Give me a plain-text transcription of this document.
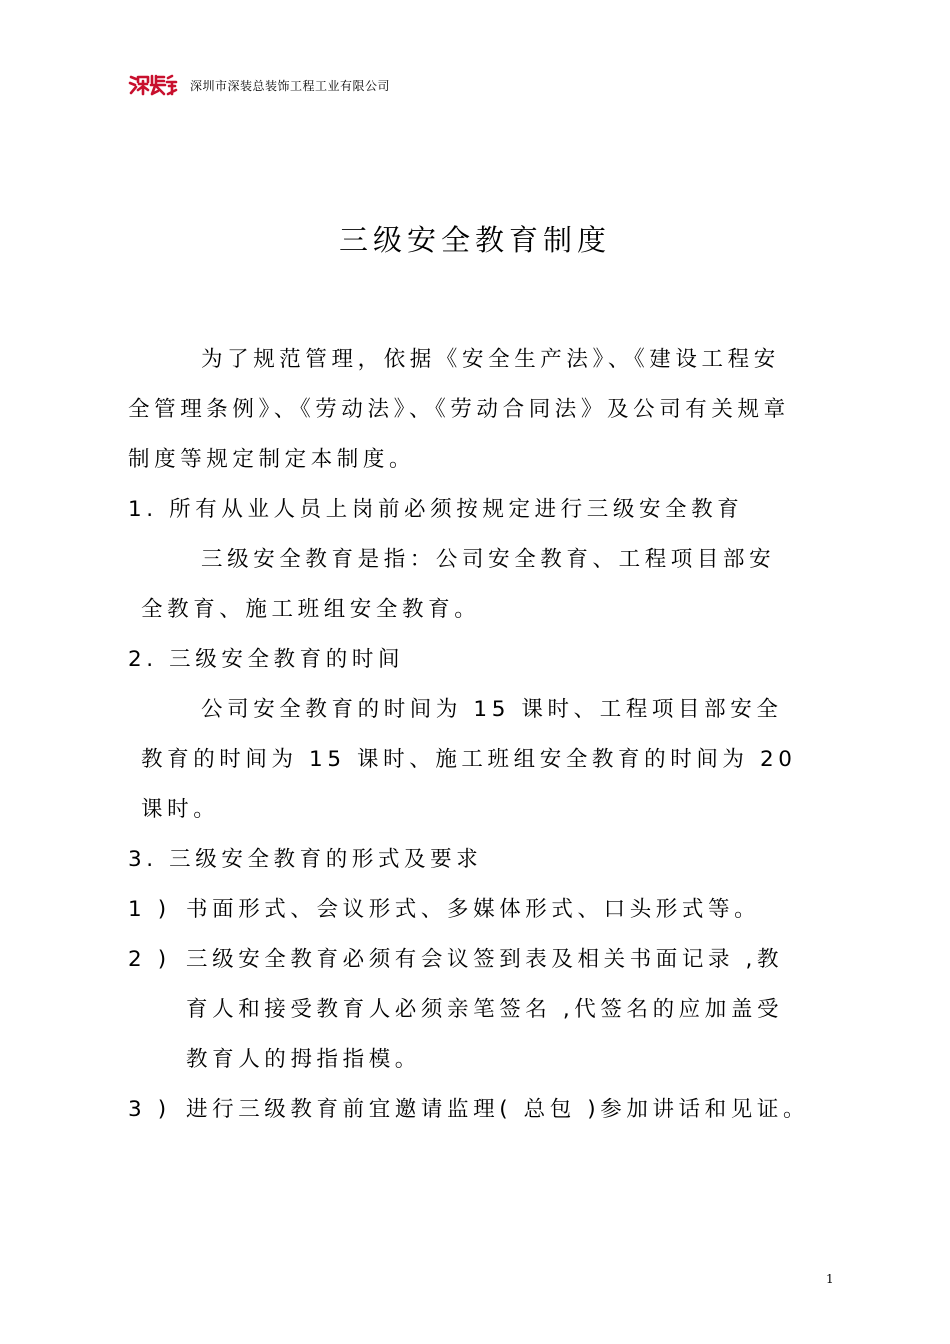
深圳市深装总装饰工程工业有限公司
三级安全教育制度
为了规范管理，依据《安全生产法》、《建设工程安
全管理条例》、《劳动法》、《劳动合同法》及公司有关规章
制度等规定制定本制度。
1. 所有从业人员上岗前必须按规定进行三级安全教育
三级安全教育是指：公司安全教育、工程项目部安
全教育、施工班组安全教育。
2. 三级安全教育的时间
公司安全教育的时间为 15 课时、工程项目部安全
教育的时间为 15 课时、施工班组安全教育的时间为 20
课时。
3. 三级安全教育的形式及要求
1 ) 书面形式、会议形式、多媒体形式、口头形式等。
2 ) 三级安全教育必须有会议签到表及相关书面记录 ,教
育人和接受教育人必须亲笔签名 ,代签名的应加盖受
教育人的拇指指模。
3 ) 进行三级教育前宜邀请监理( 总包 )参加讲话和见证。
1
